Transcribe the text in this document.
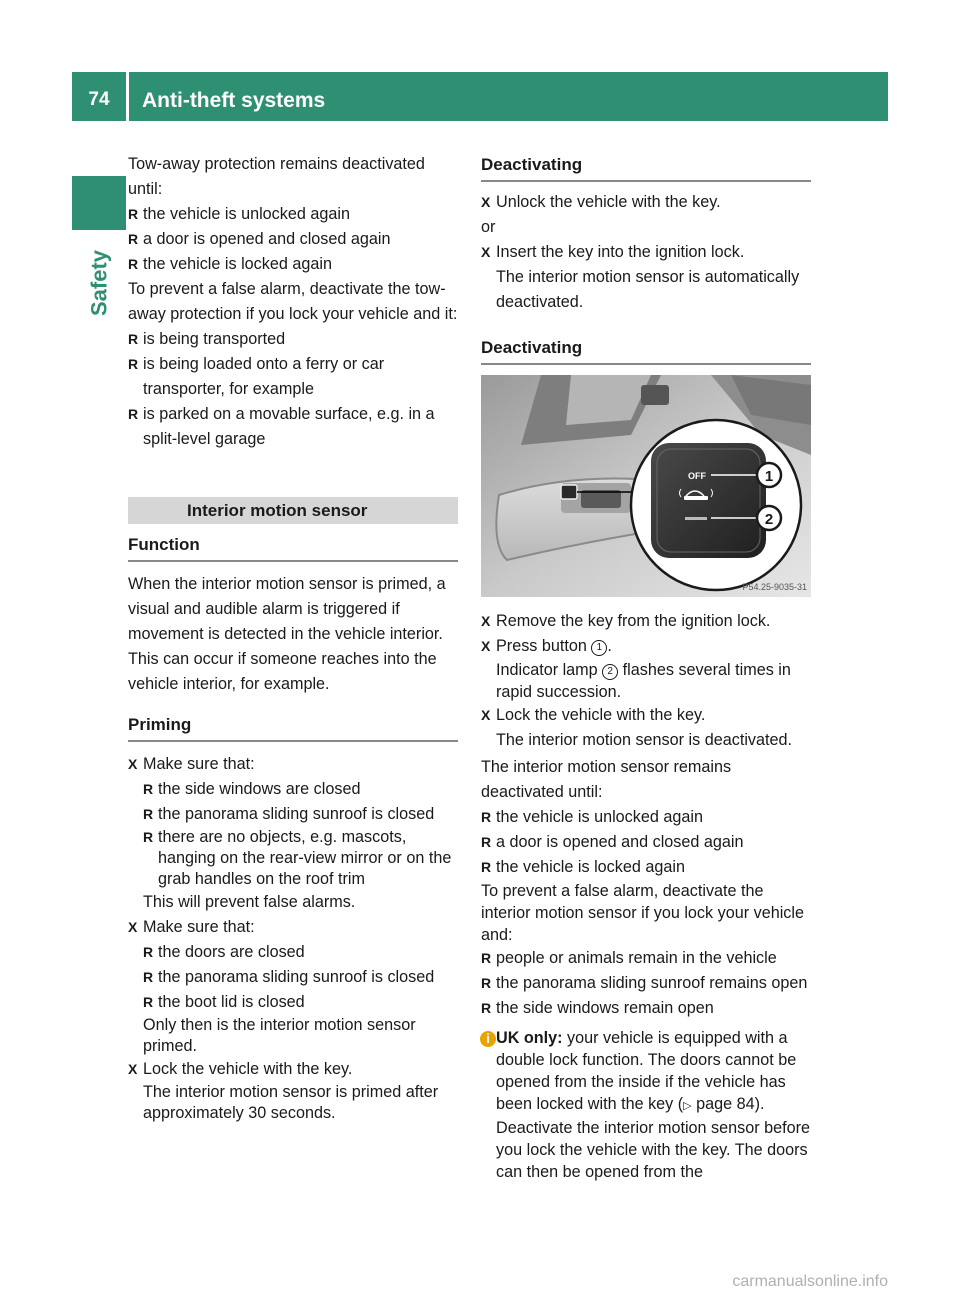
74	Anti-theft systems
Safety

Tow-away protection remains deactivated until:

R the vehicle is unlocked again

R a door is opened and closed again

R the vehicle is locked again

To prevent a false alarm, deactivate the tow-away protection if you lock your vehicle and it:

R is being transported

R is being loaded onto a ferry or car transporter, for example

R is parked on a movable surface, e.g. in a split-level garage

Interior motion sensor
Function

When the interior motion sensor is primed, a visual and audible alarm is triggered if movement is detected in the vehicle interior. This can occur if someone reaches into the vehicle interior, for example.

Priming

X Make sure that:

R the side windows are closed

R the panorama sliding sunroof is closed

R there are no objects, e.g. mascots, hanging on the rear-view mirror or on the grab handles on the roof trim

This will prevent false alarms.

X Make sure that:

R the doors are closed

R the panorama sliding sunroof is closed

R the boot lid is closed

Only then is the interior motion sensor primed.

X Lock the vehicle with the key.

The interior motion sensor is primed after approximately 30 seconds.

Deactivating

X Unlock the vehicle with the key.

or

X Insert the key into the ignition lock.

The interior motion sensor is automatically deactivated.

Deactivating
OFF	1
2
P54.25-9035-31

X Remove the key from the ignition lock.

X Press button 1 .

Indicator lamp 2 flashes several times in rapid succession.

X Lock the vehicle with the key.

The interior motion sensor is deactivated.

The interior motion sensor remains deactivated until:

R the vehicle is unlocked again

R a door is opened and closed again

R the vehicle is locked again

To prevent a false alarm, deactivate the interior motion sensor if you lock your vehicle and:

R people or animals remain in the vehicle

R the panorama sliding sunroof remains open

R the side windows remain open

i UK only: your vehicle is equipped with a double lock function. The doors cannot be opened from the inside if the vehicle has been locked with the key (▷ page 84). Deactivate the interior motion sensor before you lock the vehicle with the key. The doors can then be opened from the

carmanualsonline.info
